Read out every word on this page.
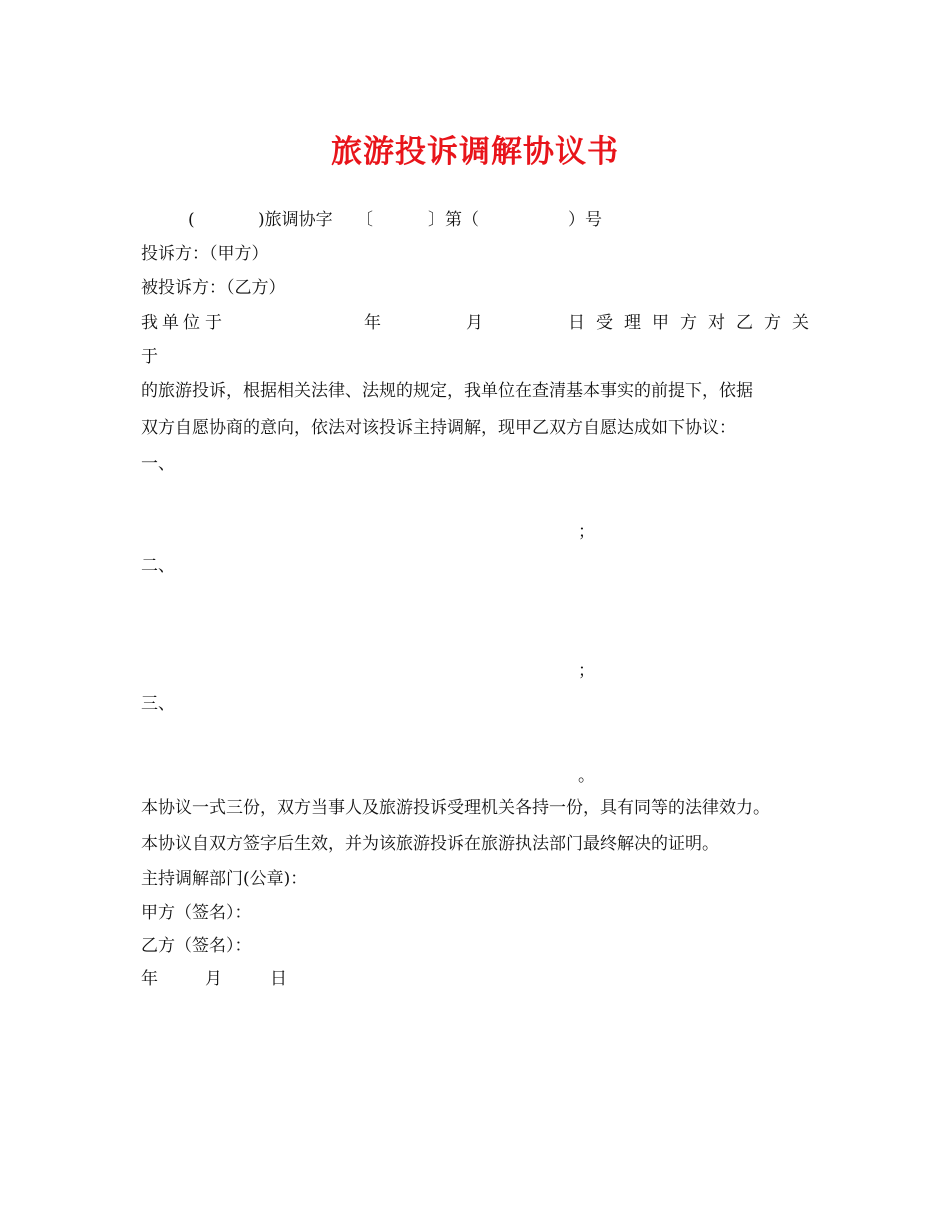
旅游投诉调解协议书
(	)旅调协字 〔	〕第（	）号
投诉方：（甲方）
被投诉方：（乙方）
我 单 位 于	年	月	日 受 理 甲 方 对 乙 方 关
于
的旅游投诉，根据相关法律、法规的规定，我单位在查清基本事实的前提下，依据
双方自愿协商的意向，依法对该投诉主持调解，现甲乙双方自愿达成如下协议：
一、
；
二、
；
三、
。
本协议一式三份，双方当事人及旅游投诉受理机关各持一份，具有同等的法律效力。
本协议自双方签字后生效，并为该旅游投诉在旅游执法部门最终解决的证明。
主持调解部门(公章)：
甲方（签名）：
乙方（签名）：
年	月	日
